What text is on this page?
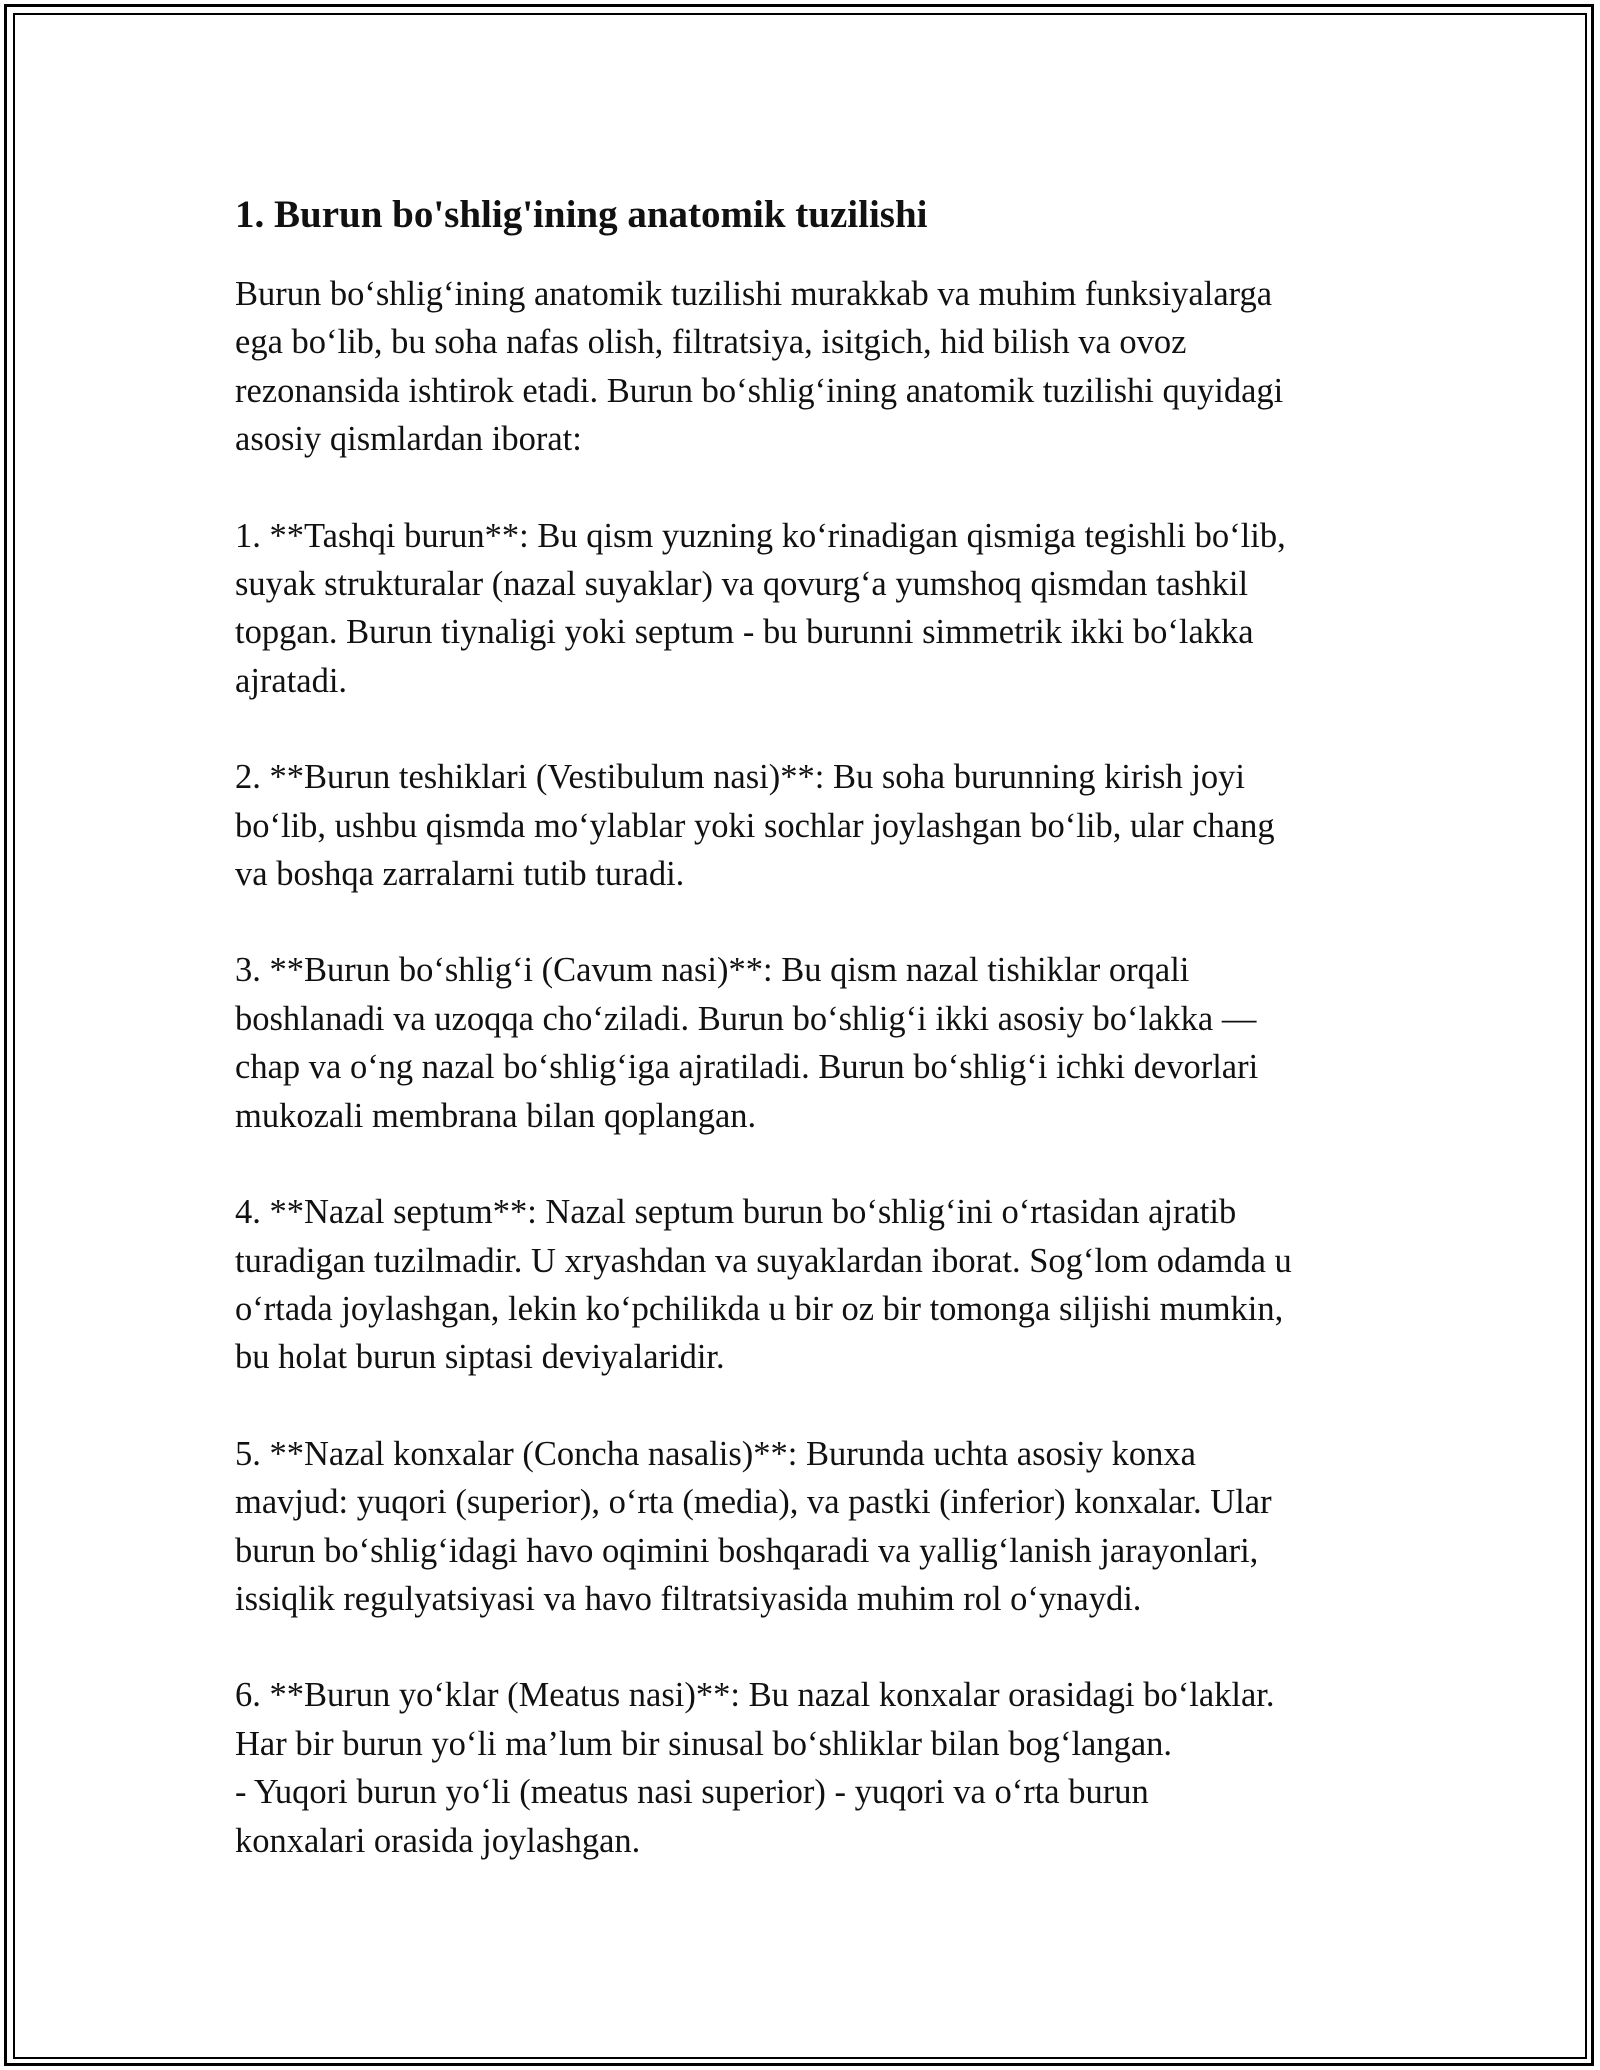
1. Burun bo'shlig'ining anatomik tuzilishi

Burun bo‘shlig‘ining anatomik tuzilishi murakkab va muhim funksiyalarga
ega bo‘lib, bu soha nafas olish, filtratsiya, isitgich, hid bilish va ovoz
rezonansida ishtirok etadi. Burun bo‘shlig‘ining anatomik tuzilishi quyidagi
asosiy qismlardan iborat:

1. **Tashqi burun**: Bu qism yuzning ko‘rinadigan qismiga tegishli bo‘lib,
suyak strukturalar (nazal suyaklar) va qovurg‘a yumshoq qismdan tashkil
topgan. Burun tiynaligi yoki septum - bu burunni simmetrik ikki bo‘lakka
ajratadi.

2. **Burun teshiklari (Vestibulum nasi)**: Bu soha burunning kirish joyi
bo‘lib, ushbu qismda mo‘ylablar yoki sochlar joylashgan bo‘lib, ular chang
va boshqa zarralarni tutib turadi.

3. **Burun bo‘shlig‘i (Cavum nasi)**: Bu qism nazal tishiklar orqali
boshlanadi va uzoqqa cho‘ziladi. Burun bo‘shlig‘i ikki asosiy bo‘lakka —
chap va o‘ng nazal bo‘shlig‘iga ajratiladi. Burun bo‘shlig‘i ichki devorlari
mukozali membrana bilan qoplangan.

4. **Nazal septum**: Nazal septum burun bo‘shlig‘ini o‘rtasidan ajratib
turadigan tuzilmadir. U xryashdan va suyaklardan iborat. Sog‘lom odamda u
o‘rtada joylashgan, lekin ko‘pchilikda u bir oz bir tomonga siljishi mumkin,
bu holat burun siptasi deviyalaridir.

5. **Nazal konxalar (Concha nasalis)**: Burunda uchta asosiy konxa
mavjud: yuqori (superior), o‘rta (media), va pastki (inferior) konxalar. Ular
burun bo‘shlig‘idagi havo oqimini boshqaradi va yallig‘lanish jarayonlari,
issiqlik regulyatsiyasi va havo filtratsiyasida muhim rol o‘ynaydi.

6. **Burun yo‘klar (Meatus nasi)**: Bu nazal konxalar orasidagi bo‘laklar.
Har bir burun yo‘li ma’lum bir sinusal bo‘shliklar bilan bog‘langan.
- Yuqori burun yo‘li (meatus nasi superior) - yuqori va o‘rta burun
konxalari orasida joylashgan.
